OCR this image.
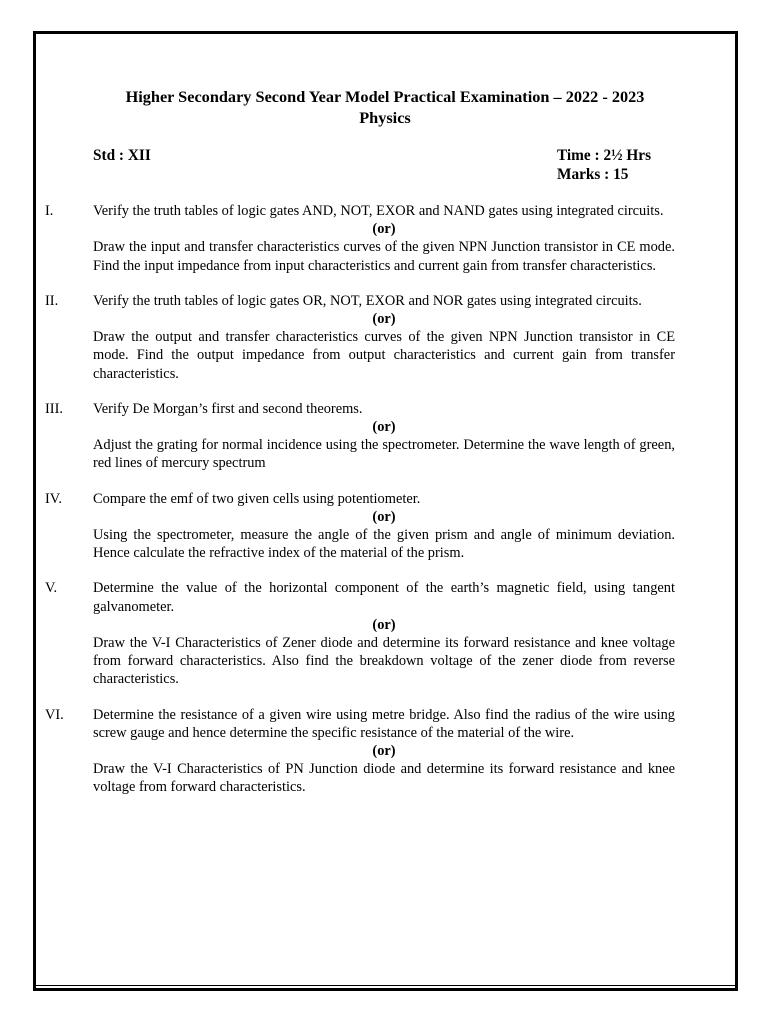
Higher Secondary Second Year Model Practical Examination – 2022 - 2023
Physics
Std : XII	Time : 2½ Hrs
Marks : 15
I.	Verify the truth tables of logic gates AND, NOT, EXOR and NAND gates using integrated circuits.

(or)

Draw the input and transfer characteristics curves of the given NPN Junction transistor in CE mode. Find the input impedance from input characteristics and current gain from transfer characteristics.

II.	Verify the truth tables of logic gates OR, NOT, EXOR and NOR gates using integrated circuits.

(or)

Draw the output and transfer characteristics curves of the given NPN Junction transistor in CE mode. Find the output impedance from output characteristics and current gain from transfer characteristics.

III.	Verify De Morgan’s first and second theorems.

(or)

Adjust the grating for normal incidence using the spectrometer. Determine the wave length of green, red lines of mercury spectrum

IV.	Compare the emf of two given cells using potentiometer.

(or)

Using the spectrometer, measure the angle of the given prism and angle of minimum deviation. Hence calculate the refractive index of the material of the prism.

V.	Determine the value of the horizontal component of the earth’s magnetic field, using tangent galvanometer.

(or)

Draw the V-I Characteristics of Zener diode and determine its forward resistance and knee voltage from forward characteristics. Also find the breakdown voltage of the zener diode from reverse characteristics.

VI.	Determine the resistance of a given wire using metre bridge. Also find the radius of the wire using screw gauge and hence determine the specific resistance of the material of the wire.

(or)

Draw the V-I Characteristics of PN Junction diode and determine its forward resistance and knee voltage from forward characteristics.
